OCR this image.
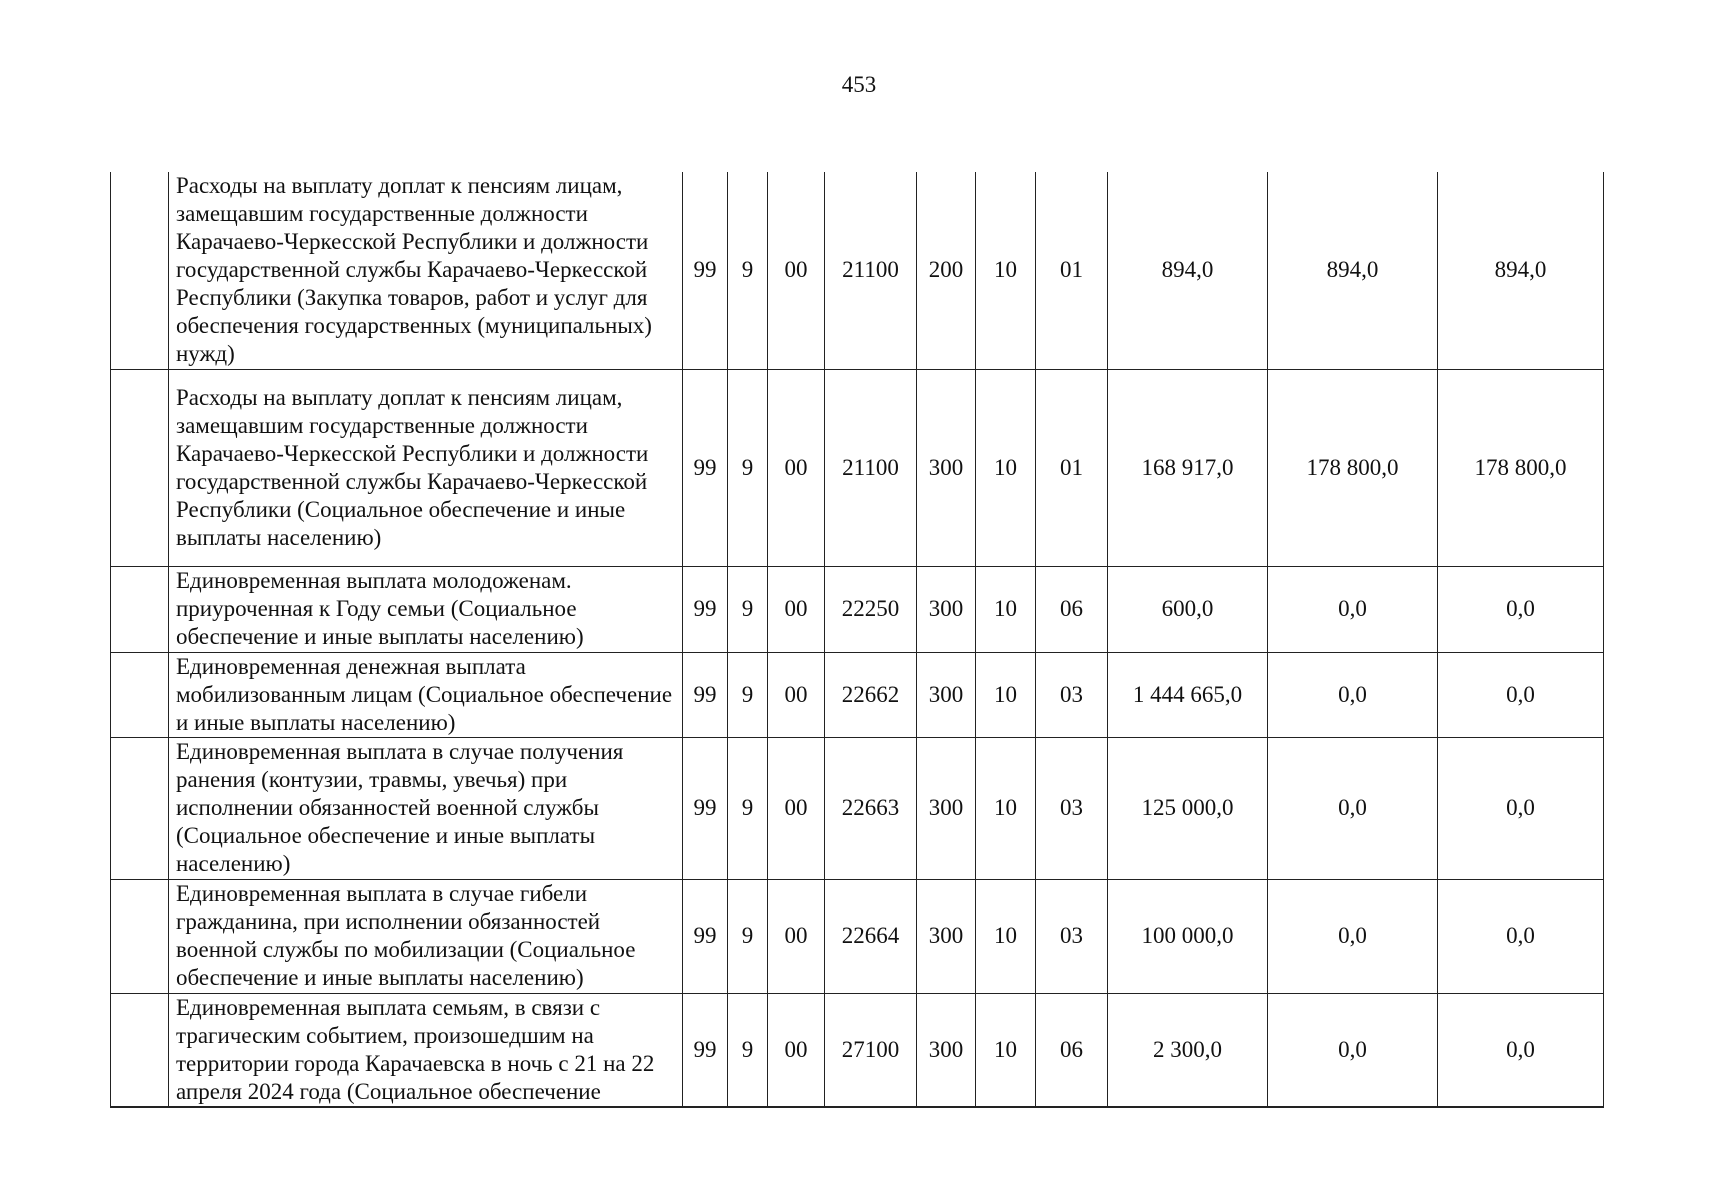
453
	Расходы на выплату доплат к пенсиям лицам, замещавшим государственные должности Карачаево-Черкесской Республики и должности государственной службы Карачаево-Черкесской Республики (Закупка товаров, работ и услуг для обеспечения государственных (муниципальных) нужд)	99	9	00	21100	200	10	01	894,0	894,0	894,0
	Расходы на выплату доплат к пенсиям лицам, замещавшим государственные должности Карачаево-Черкесской Республики и должности государственной службы Карачаево-Черкесской Республики (Социальное обеспечение и иные выплаты населению)	99	9	00	21100	300	10	01	168 917,0	178 800,0	178 800,0
	Единовременная выплата молодоженам. приуроченная к Году семьи (Социальное обеспечение и иные выплаты населению)	99	9	00	22250	300	10	06	600,0	0,0	0,0
	Единовременная денежная выплата мобилизованным лицам (Социальное обеспечение и иные выплаты населению)	99	9	00	22662	300	10	03	1 444 665,0	0,0	0,0
	Единовременная выплата в случае получения ранения (контузии, травмы, увечья) при исполнении обязанностей военной службы (Социальное обеспечение и иные выплаты населению)	99	9	00	22663	300	10	03	125 000,0	0,0	0,0
	Единовременная выплата в случае гибели гражданина, при исполнении обязанностей военной службы по мобилизации (Социальное обеспечение и иные выплаты населению)	99	9	00	22664	300	10	03	100 000,0	0,0	0,0
	Единовременная выплата семьям, в связи с трагическим событием, произошедшим на территории города Карачаевска в ночь с 21 на 22 апреля 2024 года (Социальное обеспечение	99	9	00	27100	300	10	06	2 300,0	0,0	0,0
